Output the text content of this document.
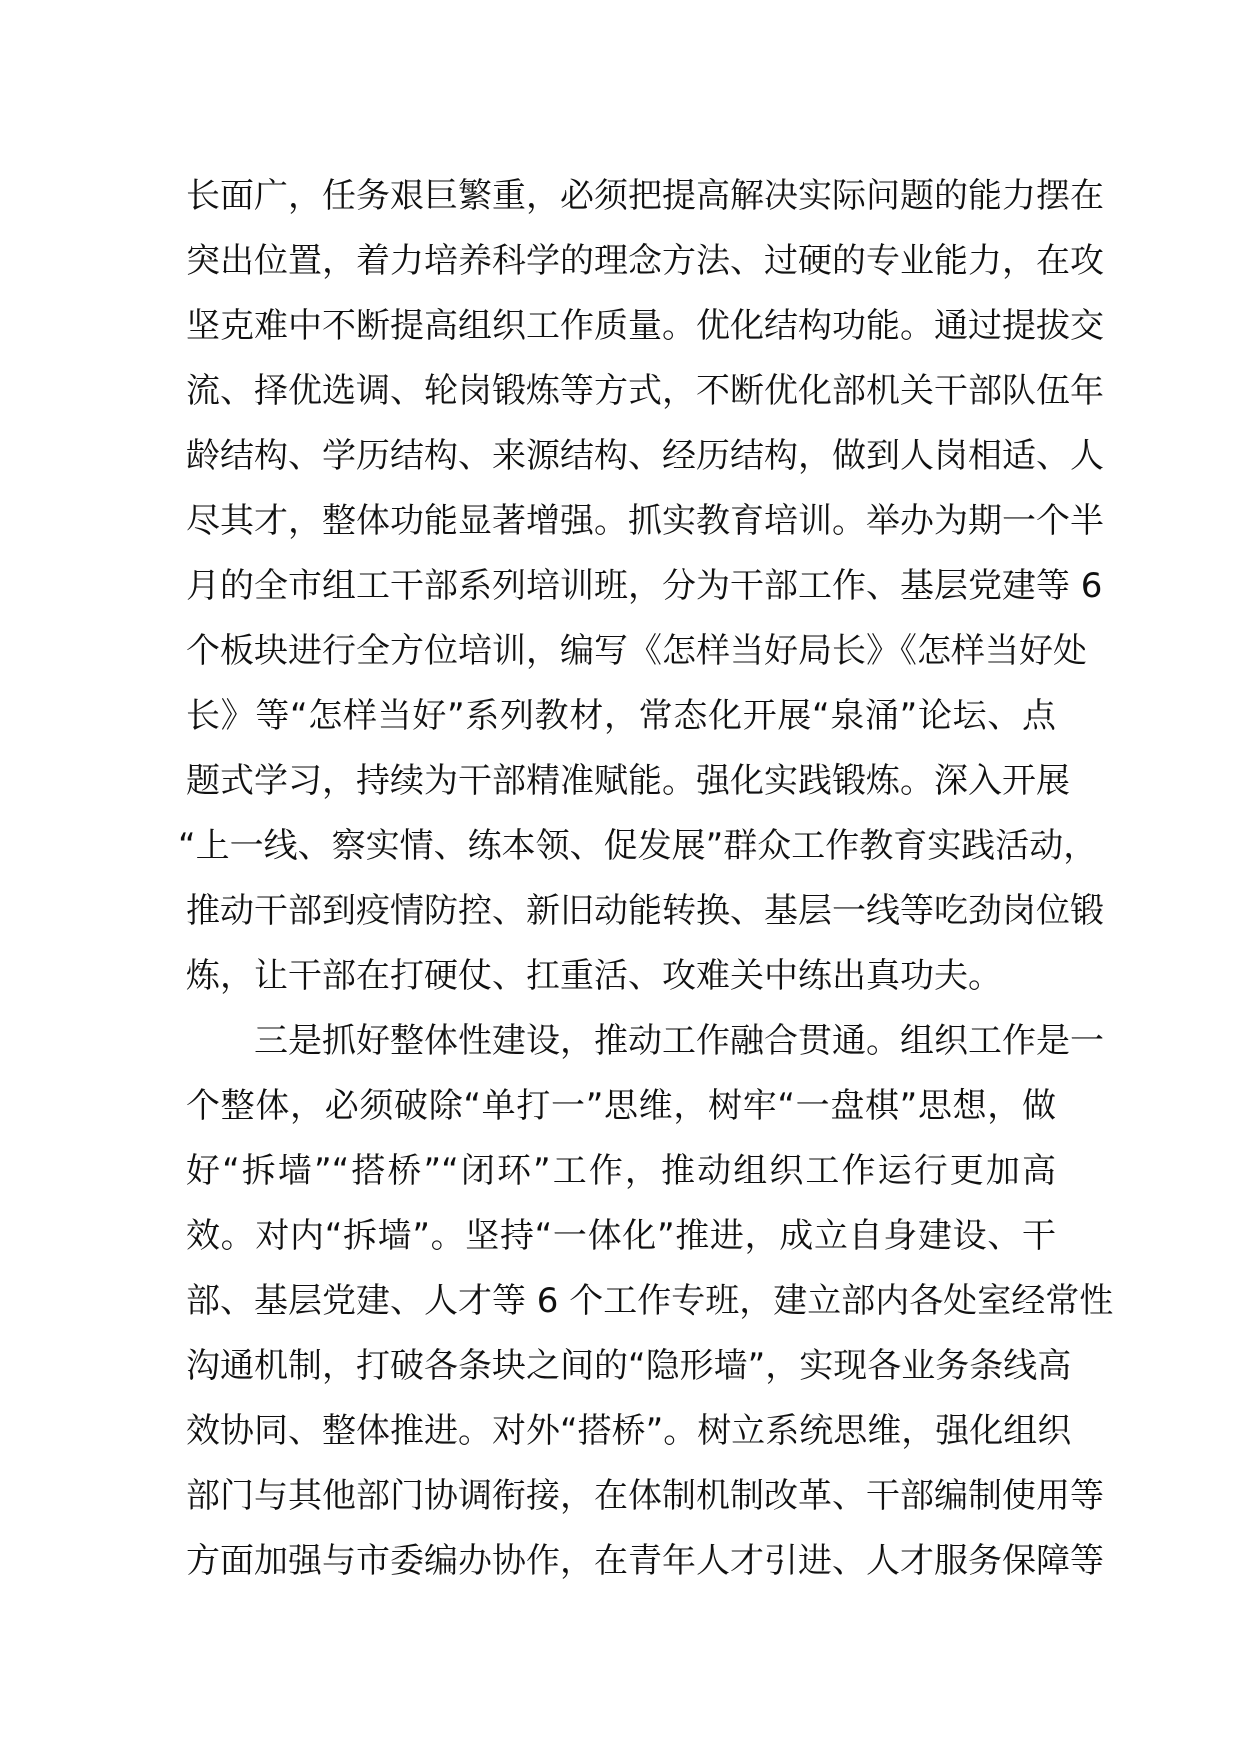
长面广，任务艰巨繁重，必须把提高解决实际问题的能力摆在
突出位置，着力培养科学的理念方法、过硬的专业能力，在攻
坚克难中不断提高组织工作质量。优化结构功能。通过提拔交
流、择优选调、轮岗锻炼等方式，不断优化部机关干部队伍年
龄结构、学历结构、来源结构、经历结构，做到人岗相适、人
尽其才，整体功能显著增强。抓实教育培训。举办为期一个半
月的全市组工干部系列培训班，分为干部工作、基层党建等 6
个板块进行全方位培训，编写《怎样当好局长》《怎样当好处
长》等“怎样当好”系列教材，常态化开展“泉涌”论坛、点
题式学习，持续为干部精准赋能。强化实践锻炼。深入开展
“上一线、察实情、练本领、促发展”群众工作教育实践活动，
推动干部到疫情防控、新旧动能转换、基层一线等吃劲岗位锻
炼，让干部在打硬仗、扛重活、攻难关中练出真功夫。
三是抓好整体性建设，推动工作融合贯通。组织工作是一
个整体，必须破除“单打一”思维，树牢“一盘棋”思想，做
好“拆墙”“搭桥”“闭环”工作，推动组织工作运行更加高
效。对内“拆墙”。坚持“一体化”推进，成立自身建设、干
部、基层党建、人才等 6 个工作专班，建立部内各处室经常性
沟通机制，打破各条块之间的“隐形墙”，实现各业务条线高
效协同、整体推进。对外“搭桥”。树立系统思维，强化组织
部门与其他部门协调衔接，在体制机制改革、干部编制使用等
方面加强与市委编办协作，在青年人才引进、人才服务保障等
